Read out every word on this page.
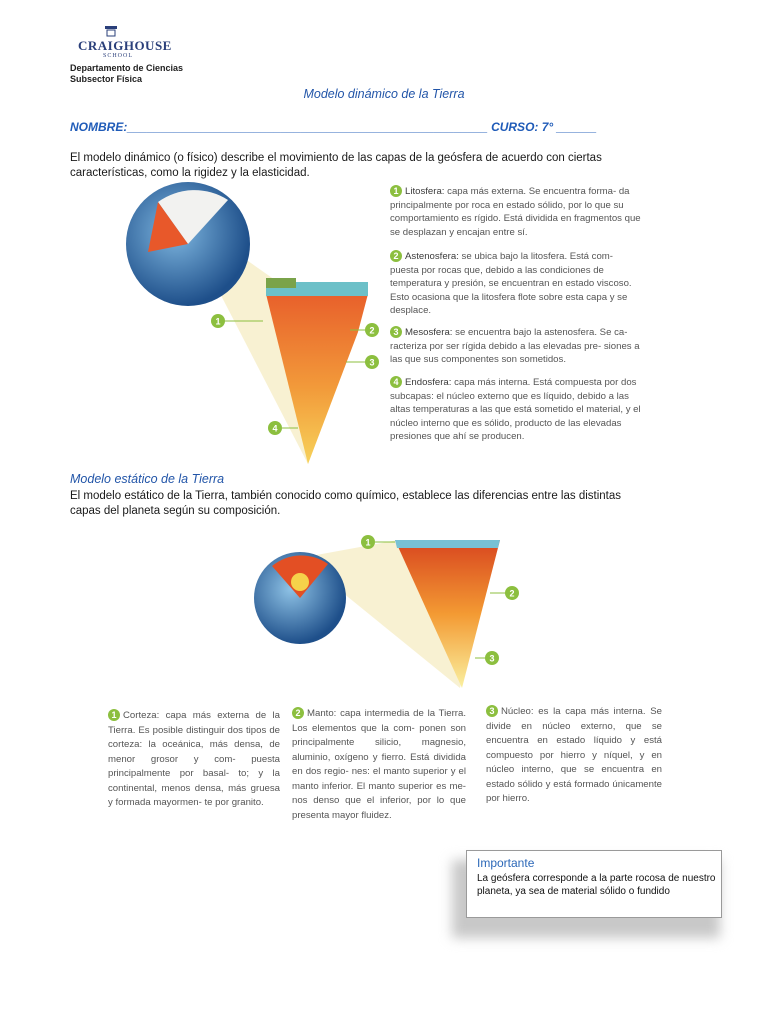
CRAIGHOUSE
SCHOOL
Departamento de Ciencias
Subsector Física
Modelo dinámico de la Tierra
NOMBRE:______________________________________________________ CURSO: 7° ______
El modelo dinámico (o físico) describe el movimiento de las capas de la geósfera de acuerdo con ciertas
características, como la rigidez y la elasticidad.
1
2
3
4
1 Litosfera: capa más externa. Se encuentra forma- da principalmente por roca en estado sólido, por lo que su comportamiento es rígido. Está dividida en fragmentos que se desplazan y encajan entre sí.
2 Astenosfera: se ubica bajo la litosfera. Está com- puesta por rocas que, debido a las condiciones de temperatura y presión, se encuentran en estado viscoso. Esto ocasiona que la litosfera flote sobre esta capa y se desplace.
3 Mesosfera: se encuentra bajo la astenosfera. Se ca- racteriza por ser rígida debido a las elevadas pre- siones a las que sus componentes son sometidos.
4 Endosfera: capa más interna. Está compuesta por dos subcapas: el núcleo externo que es líquido, debido a las altas temperaturas a las que está sometido el material, y el núcleo interno que es sólido, producto de las elevadas presiones que ahí se producen.
Modelo estático de la Tierra
El modelo estático de la Tierra, también conocido como químico, establece las diferencias entre las distintas
capas del planeta según su composición.
1
2
3
1 Corteza: capa más externa de la Tierra. Es posible distinguir dos tipos de corteza: la oceánica, más densa, de menor grosor y com- puesta principalmente por basal- to; y la continental, menos densa, más gruesa y formada mayormen- te por granito.
2 Manto: capa intermedia de la Tierra. Los elementos que la com- ponen son principalmente silicio, magnesio, aluminio, oxígeno y fierro. Está dividida en dos regio- nes: el manto superior y el manto inferior. El manto superior es me- nos denso que el inferior, por lo que presenta mayor fluidez.
3 Núcleo: es la capa más interna. Se divide en núcleo externo, que se encuentra en estado líquido y está compuesto por hierro y níquel, y en núcleo interno, que se encuentra en estado sólido y está formado únicamente por hierro.
Importante
La geósfera corresponde a la parte rocosa de nuestro planeta, ya sea de material sólido o fundido
